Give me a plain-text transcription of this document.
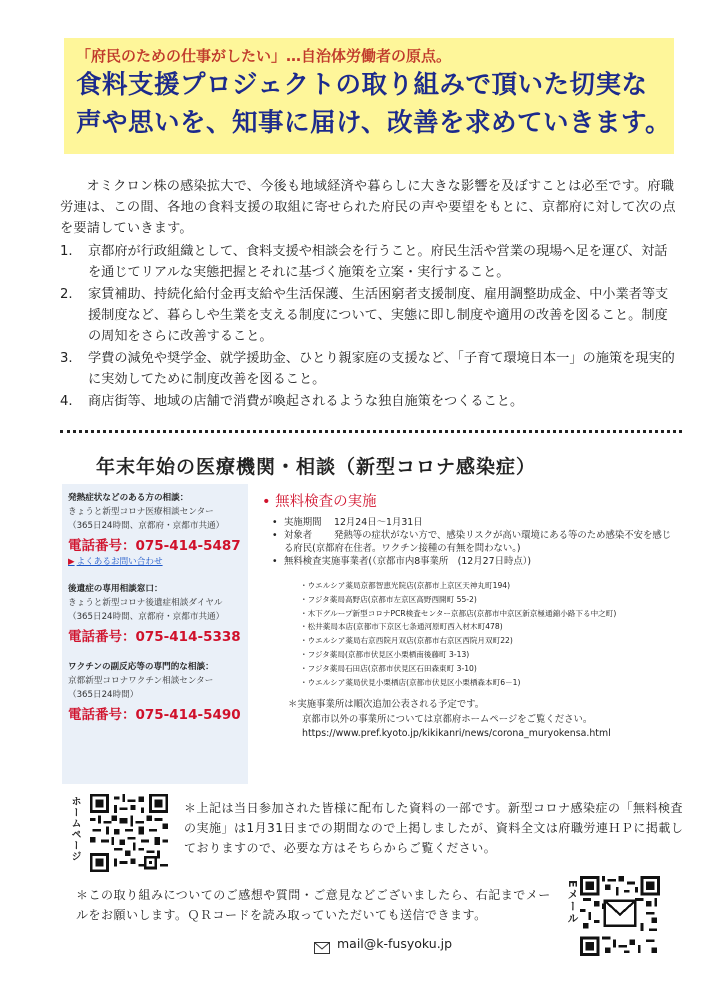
「府民のための仕事がしたい」…自治体労働者の原点。
食料支援プロジェクトの取り組みで頂いた切実な
声や思いを、知事に届け、改善を求めていきます。

オミクロン株の感染拡大で、今後も地域経済や暮らしに大きな影響を及ぼすことは必至です。府職労連は、この間、各地の食料支援の取組に寄せられた府民の声や要望をもとに、京都府に対して次の点を要請していきます。

1. 京都府が行政組織として、食料支援や相談会を行うこと。府民生活や営業の現場へ足を運び、対話を通じてリアルな実態把握とそれに基づく施策を立案・実行すること。
2. 家賃補助、持続化給付金再支給や生活保護、生活困窮者支援制度、雇用調整助成金、中小業者等支援制度など、暮らしや生業を支える制度について、実態に即し制度や適用の改善を図ること。制度の周知をさらに改善すること。
3. 学費の減免や奨学金、就学援助金、ひとり親家庭の支援など、「子育て環境日本一」の施策を現実的に実効してために制度改善を図ること。
4. 商店街等、地域の店舗で消費が喚起されるような独自施策をつくること。
年末年始の医療機関・相談（新型コロナ感染症）
発熱症状などのある方の相談：
きょうと新型コロナ医療相談センター
（365日24時間、京都府・京都市共通）
電話番号：075-414-5487
▶ よくあるお問い合わせ
後遺症の専用相談窓口：
きょうと新型コロナ後遺症相談ダイヤル
（365日24時間、京都府・京都市共通）
電話番号：075-414-5338
ワクチンの副反応等の専門的な相談：
京都新型コロナワクチン相談センター
（365日24時間）
電話番号：075-414-5490
• 無料検査の実施
• 実施期間 12月24日～1月31日
• 対象者 発熱等の症状がない方で、感染リスクが高い環境にある等のため感染不安を感じる府民(京都府在住者。ワクチン接種の有無を問わない。)
• 無料検査実施事業者(（京都市内8事業所　(12月27日時点）)
・ ウエルシア薬局京都智恵光院店(京都市上京区天神丸町194)
・ フジタ薬局高野店(京都市左京区高野西開町 55-2)
・ 木下グループ新型コロナPCR検査センター京都店(京都市中京区新京極通錦小路下る中之町)
・ 松井薬局本店(京都市下京区七条通河原町西入材木町478)
・ ウエルシア薬局右京西院月双店(京都市右京区西院月双町22)
・ フジタ薬局(京都市伏見区小栗栖南後藤町 3-13)
・ フジタ薬局石田店(京都市伏見区石田森東町 3-10)
・ ウエルシア薬局伏見小栗栖店(京都市伏見区小栗栖森本町6－1)
＊実施事業所は順次追加公表される予定です。
京都市以外の事業所については京都府ホームページをご覧ください。
https://www.pref.kyoto.jp/kikikanri/news/corona_muryokensa.html
ホームページ	＊上記は当日参加された皆様に配布した資料の一部です。新型コロナ感染症の「無料検査の実施」は1月31日までの期間なので上掲しましたが、資料全文は府職労連ＨＰに掲載しておりますので、必要な方はそちらからご覧ください。
＊この取り組みについてのご感想や質問・ご意見などございましたら、右記までメールをお願いします。ＱＲコードを読み取っていただいても送信できます。
mail@k-fusyoku.jp
Eメール
